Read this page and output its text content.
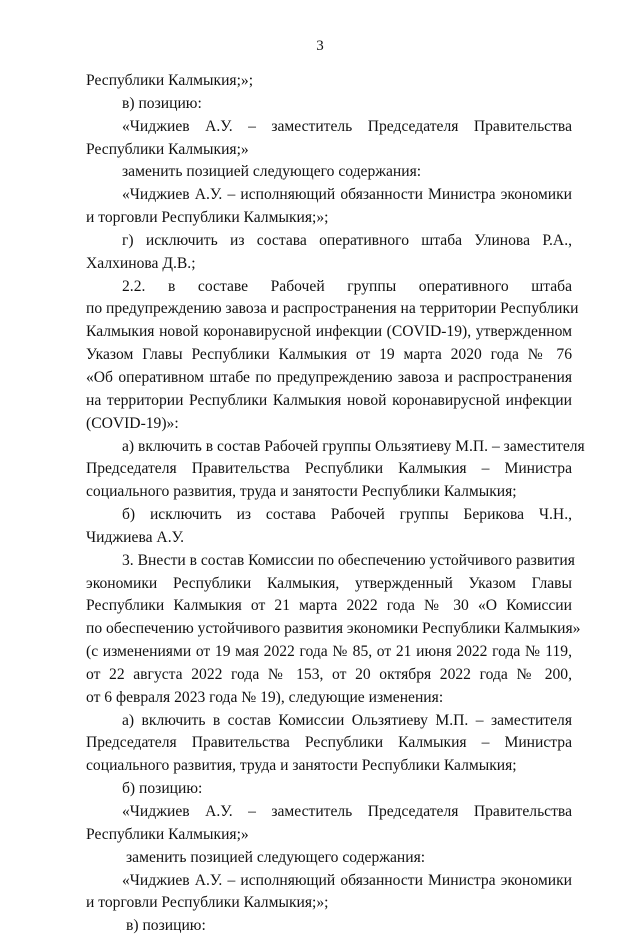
3
Республики Калмыкия;»;
в) позицию:
«Чиджиев А.У. – заместитель Председателя Правительства
Республики Калмыкия;»
заменить позицией следующего содержания:
«Чиджиев А.У. – исполняющий обязанности Министра экономики
и торговли Республики Калмыкия;»;
г) исключить из состава оперативного штаба Улинова Р.А.,
Халхинова Д.В.;
2.2. в составе Рабочей группы оперативного штаба
по предупреждению завоза и распространения на территории Республики
Калмыкия новой коронавирусной инфекции (COVID-19), утвержденном
Указом Главы Республики Калмыкия от 19 марта 2020 года № 76
«Об оперативном штабе по предупреждению завоза и распространения
на территории Республики Калмыкия новой коронавирусной инфекции
(COVID-19)»:
а) включить в состав Рабочей группы Ользятиеву М.П. – заместителя
Председателя Правительства Республики Калмыкия – Министра
социального развития, труда и занятости Республики Калмыкия;
б) исключить из состава Рабочей группы Берикова Ч.Н.,
Чиджиева А.У.
3. Внести в состав Комиссии по обеспечению устойчивого развития
экономики Республики Калмыкия, утвержденный Указом Главы
Республики Калмыкия от 21 марта 2022 года № 30 «О Комиссии
по обеспечению устойчивого развития экономики Республики Калмыкия»
(с изменениями от 19 мая 2022 года № 85, от 21 июня 2022 года № 119,
от 22 августа 2022 года № 153, от 20 октября 2022 года № 200,
от 6 февраля 2023 года № 19), следующие изменения:
а) включить в состав Комиссии Ользятиеву М.П. – заместителя
Председателя Правительства Республики Калмыкия – Министра
социального развития, труда и занятости Республики Калмыкия;
б) позицию:
«Чиджиев А.У. – заместитель Председателя Правительства
Республики Калмыкия;»
заменить позицией следующего содержания:
«Чиджиев А.У. – исполняющий обязанности Министра экономики
и торговли Республики Калмыкия;»;
в) позицию:
